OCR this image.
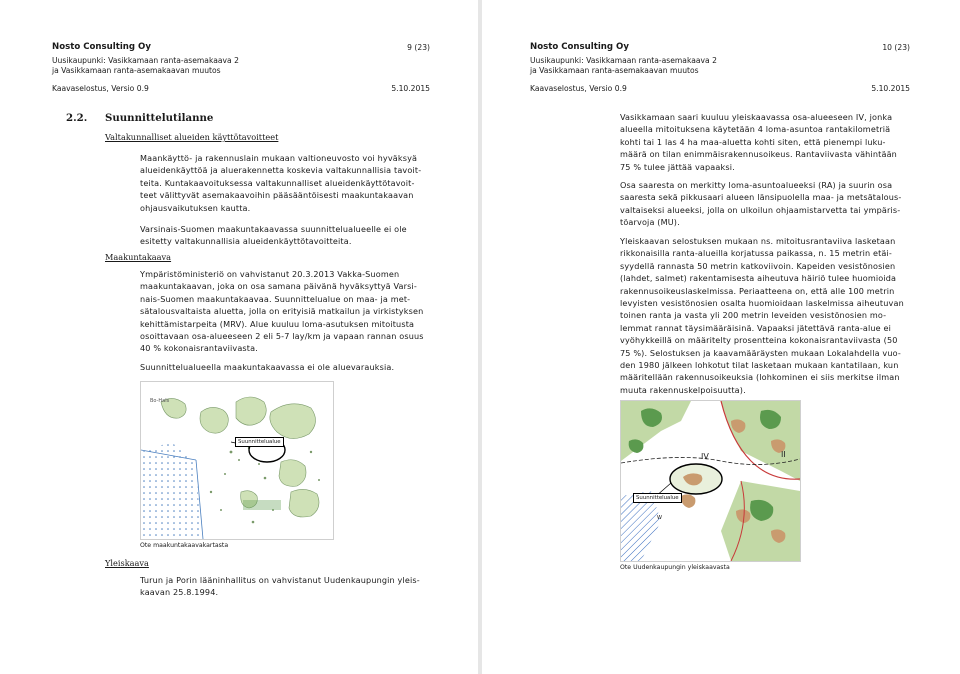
Nosto Consulting Oy	9 (23)
Uusikaupunki: Vasikkamaan ranta-asemakaava 2
ja Vasikkamaan ranta-asemakaavan muutos
Kaavaselostus, Versio 0.9	5.10.2015
2.2. Suunnittelutilanne
Valtakunnalliset alueiden käyttötavoitteet
Maankäyttö- ja rakennuslain mukaan valtioneuvosto voi hyväksyä
alueidenkäyttöä ja aluerakennetta koskevia valtakunnallisia tavoit-
teita. Kuntakaavoituksessa valtakunnalliset alueidenkäyttötavoit-
teet välittyvät asemakaavoihin pääsääntöisesti maakuntakaavan
ohjausvaikutuksen kautta.
Varsinais-Suomen maakuntakaavassa suunnittelualueelle ei ole
esitetty valtakunnallisia alueidenkäyttötavoitteita.
Maakuntakaava
Ympäristöministeriö on vahvistanut 20.3.2013 Vakka-Suomen
maakuntakaavan, joka on osa samana päivänä hyväksyttyä Varsi-
nais-Suomen maakuntakaavaa. Suunnittelualue on maa- ja met-
sätalousvaltaista aluetta, jolla on erityisiä matkailun ja virkistyksen
kehittämistarpeita (MRV). Alue kuuluu loma-asutuksen mitoitusta
osoittavaan osa-alueeseen 2 eli 5-7 lay/km ja vapaan rannan osuus
40 % kokonaisrantaviivasta.
Suunnittelualueella maakuntakaavassa ei ole aluevarauksia.
Bo-Hals
Suunnittelualue
Ote maakuntakaavakartasta
Yleiskaava
Turun ja Porin lääninhallitus on vahvistanut Uudenkaupungin yleis-
kaavan 25.8.1994.
Nosto Consulting Oy	10 (23)
Uusikaupunki: Vasikkamaan ranta-asemakaava 2
ja Vasikkamaan ranta-asemakaavan muutos
Kaavaselostus, Versio 0.9	5.10.2015
Vasikkamaan saari kuuluu yleiskaavassa osa-alueeseen IV, jonka
alueella mitoituksena käytetään 4 loma-asuntoa rantakilometriä
kohti tai 1 las 4 ha maa-aluetta kohti siten, että pienempi luku-
määrä on tilan enimmäisrakennusoikeus. Rantaviivasta vähintään
75 % tulee jättää vapaaksi.
Osa saaresta on merkitty loma-asuntoalueeksi (RA) ja suurin osa
saaresta sekä pikkusaari alueen länsipuolella maa- ja metsätalous-
valtaiseksi alueeksi, jolla on ulkoilun ohjaamistarvetta tai ympäris-
töarvoja (MU).
Yleiskaavan selostuksen mukaan ns. mitoitusrantaviiva lasketaan
rikkonaisilla ranta-alueilla korjatussa paikassa, n. 15 metrin etäi-
syydellä rannasta 50 metrin katkoviivoin. Kapeiden vesistönosien
(lahdet, salmet) rakentamisesta aiheutuva häiriö tulee huomioida
rakennusoikeuslaskelmissa. Periaatteena on, että alle 100 metrin
levyisten vesistönosien osalta huomioidaan laskelmissa aiheutuvan
toinen ranta ja vasta yli 200 metrin leveiden vesistönosien mo-
lemmat rannat täysimääräisinä. Vapaaksi jätettävä ranta-alue ei
vyöhykkeillä on määritelty prosentteina kokonaisrantaviivasta (50
75 %). Selostuksen ja kaavamääräysten mukaan Lokalahdella vuo-
den 1980 jälkeen lohkotut tilat lasketaan mukaan kantatilaan, kun
määritellään rakennusoikeuksia (lohkominen ei siis merkitse ilman
muuta rakennuskelpoisuutta).
IV	II
W
Suunnittelualue
Ote Uudenkaupungin yleiskaavasta
